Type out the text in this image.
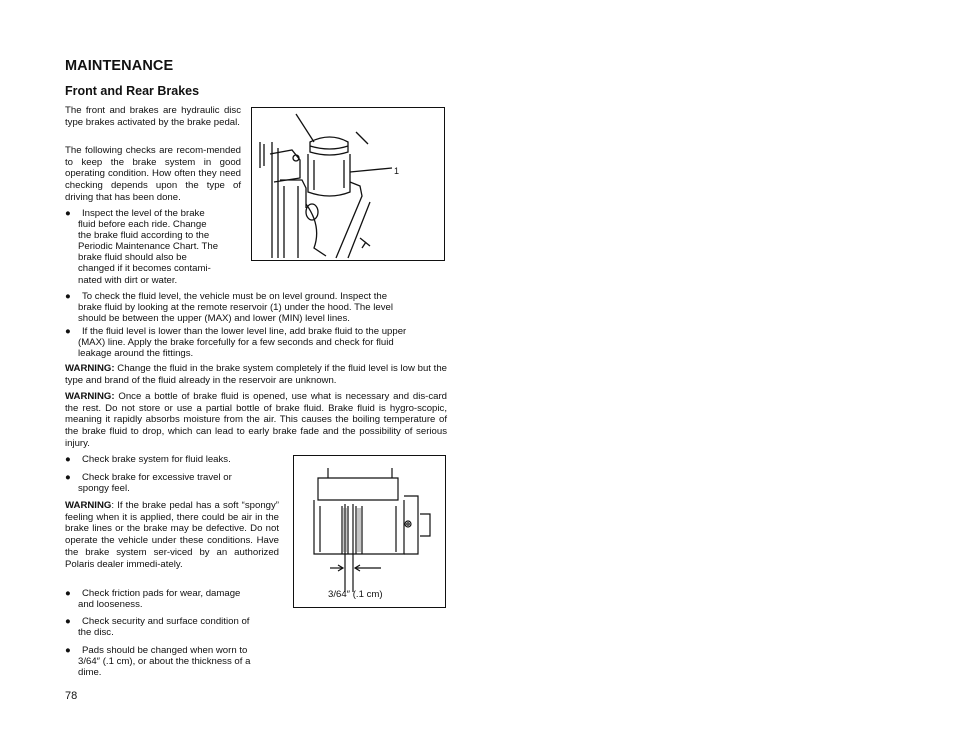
MAINTENANCE
Front and Rear Brakes
The front and brakes are hydraulic disc type brakes activated by the brake pedal.
The following checks are recom-mended to keep the brake system in good operating condition. How often they need checking depends upon the type of driving that has been done.
●	Inspect the level of the brake
fluid before each ride. Change
the brake fluid according to the
Periodic Maintenance Chart. The
brake fluid should also be
changed if it becomes contami-
nated with dirt or water.
1
●	To check the fluid level, the vehicle must be on level ground. Inspect the
brake fluid by looking at the remote reservoir (1) under the hood. The level
should be between the upper (MAX) and lower (MIN) level lines.
●	If the fluid level is lower than the lower level line, add brake fluid to the upper
(MAX) line. Apply the brake forcefully for a few seconds and check for fluid
leakage around the fittings.
WARNING: Change the fluid in the brake system completely if the fluid level is low but the type and brand of the fluid already in the reservoir are unknown.
WARNING: Once a bottle of brake fluid is opened, use what is necessary and dis-card the rest. Do not store or use a partial bottle of brake fluid. Brake fluid is hygro-scopic, meaning it rapidly absorbs moisture from the air. This causes the boiling temperature of the brake fluid to drop, which can lead to early brake fade and the possibility of serious injury.
●	Check brake system for fluid leaks.
●	Check brake for excessive travel or
spongy feel.
WARNING: If the brake pedal has a soft “spongy” feeling when it is applied, there could be air in the brake lines or the brake may be defective. Do not operate the vehicle under these conditions. Have the brake system ser-viced by an authorized Polaris dealer immedi-ately.
●	Check friction pads for wear, damage
and looseness.
●	Check security and surface condition of
the disc.
●	Pads should be changed when worn to
3/64″ (.1 cm), or about the thickness of a
dime.
3/64″ (.1 cm)
78
